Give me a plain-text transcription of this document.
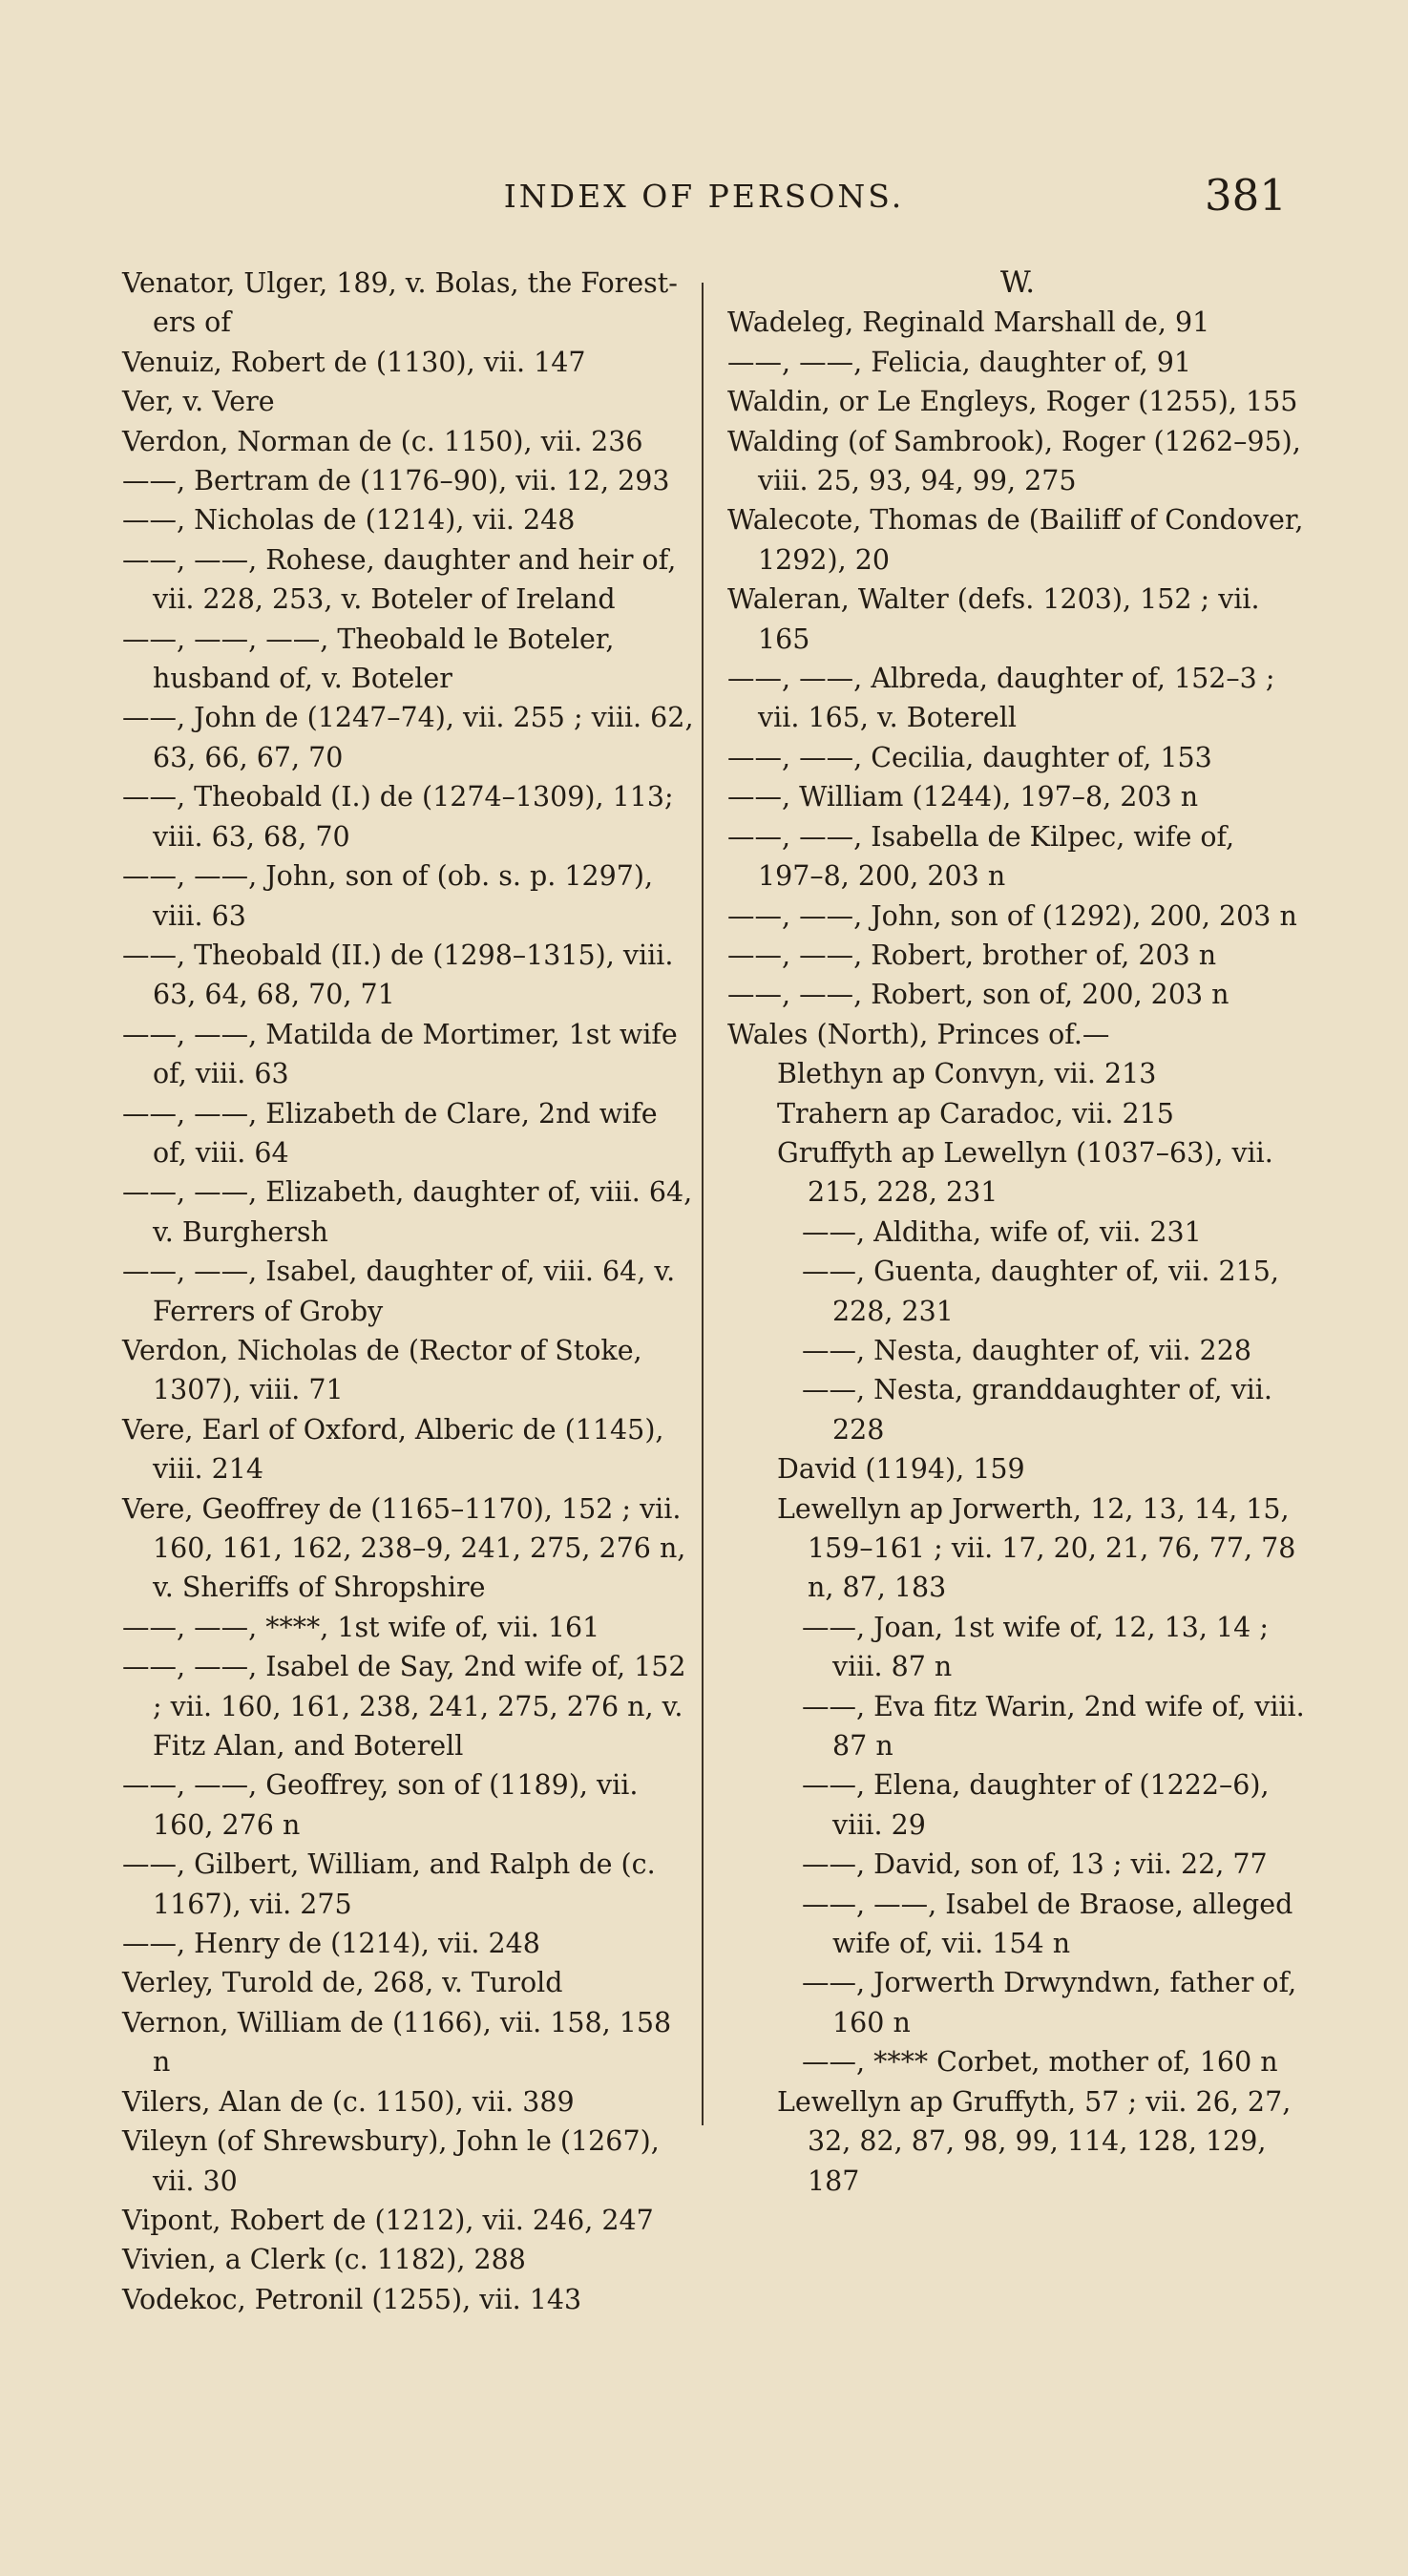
INDEX OF PERSONS.	381
Venator, Ulger, 189, v. Bolas, the Forest-ers of
Venuiz, Robert de (1130), vii. 147
Ver, v. Vere
Verdon, Norman de (c. 1150), vii. 236
——, Bertram de (1176–90), vii. 12, 293
——, Nicholas de (1214), vii. 248
——, ——, Rohese, daughter and heir of, vii. 228, 253, v. Boteler of Ireland
——, ——, ——, Theobald le Boteler, husband of, v. Boteler
——, John de (1247–74), vii. 255 ; viii. 62, 63, 66, 67, 70
——, Theobald (I.) de (1274–1309), 113; viii. 63, 68, 70
——, ——, John, son of (ob. s. p. 1297), viii. 63
——, Theobald (II.) de (1298–1315), viii. 63, 64, 68, 70, 71
——, ——, Matilda de Mortimer, 1st wife of, viii. 63
——, ——, Elizabeth de Clare, 2nd wife of, viii. 64
——, ——, Elizabeth, daughter of, viii. 64, v. Burghersh
——, ——, Isabel, daughter of, viii. 64, v. Ferrers of Groby
Verdon, Nicholas de (Rector of Stoke, 1307), viii. 71
Vere, Earl of Oxford, Alberic de (1145), viii. 214
Vere, Geoffrey de (1165–1170), 152 ; vii. 160, 161, 162, 238–9, 241, 275, 276 n, v. Sheriffs of Shropshire
——, ——, ****, 1st wife of, vii. 161
——, ——, Isabel de Say, 2nd wife of, 152 ; vii. 160, 161, 238, 241, 275, 276 n, v. Fitz Alan, and Boterell
——, ——, Geoffrey, son of (1189), vii. 160, 276 n
——, Gilbert, William, and Ralph de (c. 1167), vii. 275
——, Henry de (1214), vii. 248
Verley, Turold de, 268, v. Turold
Vernon, William de (1166), vii. 158, 158 n
Vilers, Alan de (c. 1150), vii. 389
Vileyn (of Shrewsbury), John le (1267), vii. 30
Vipont, Robert de (1212), vii. 246, 247
Vivien, a Clerk (c. 1182), 288
Vodekoc, Petronil (1255), vii. 143
W.
Wadeleg, Reginald Marshall de, 91
——, ——, Felicia, daughter of, 91
Waldin, or Le Engleys, Roger (1255), 155
Walding (of Sambrook), Roger (1262–95), viii. 25, 93, 94, 99, 275
Walecote, Thomas de (Bailiff of Condover, 1292), 20
Waleran, Walter (defs. 1203), 152 ; vii. 165
——, ——, Albreda, daughter of, 152–3 ; vii. 165, v. Boterell
——, ——, Cecilia, daughter of, 153
——, William (1244), 197–8, 203 n
——, ——, Isabella de Kilpec, wife of, 197–8, 200, 203 n
——, ——, John, son of (1292), 200, 203 n
——, ——, Robert, brother of, 203 n
——, ——, Robert, son of, 200, 203 n
Wales (North), Princes of.—
Blethyn ap Convyn, vii. 213
Trahern ap Caradoc, vii. 215
Gruffyth ap Lewellyn (1037–63), vii. 215, 228, 231
——, Alditha, wife of, vii. 231
——, Guenta, daughter of, vii. 215, 228, 231
——, Nesta, daughter of, vii. 228
——, Nesta, granddaughter of, vii. 228
David (1194), 159
Lewellyn ap Jorwerth, 12, 13, 14, 15, 159–161 ; vii. 17, 20, 21, 76, 77, 78 n, 87, 183
——, Joan, 1st wife of, 12, 13, 14 ; viii. 87 n
——, Eva fitz Warin, 2nd wife of, viii. 87 n
——, Elena, daughter of (1222–6), viii. 29
——, David, son of, 13 ; vii. 22, 77
——, ——, Isabel de Braose, alleged wife of, vii. 154 n
——, Jorwerth Drwyndwn, father of, 160 n
——, **** Corbet, mother of, 160 n
Lewellyn ap Gruffyth, 57 ; vii. 26, 27, 32, 82, 87, 98, 99, 114, 128, 129, 187
